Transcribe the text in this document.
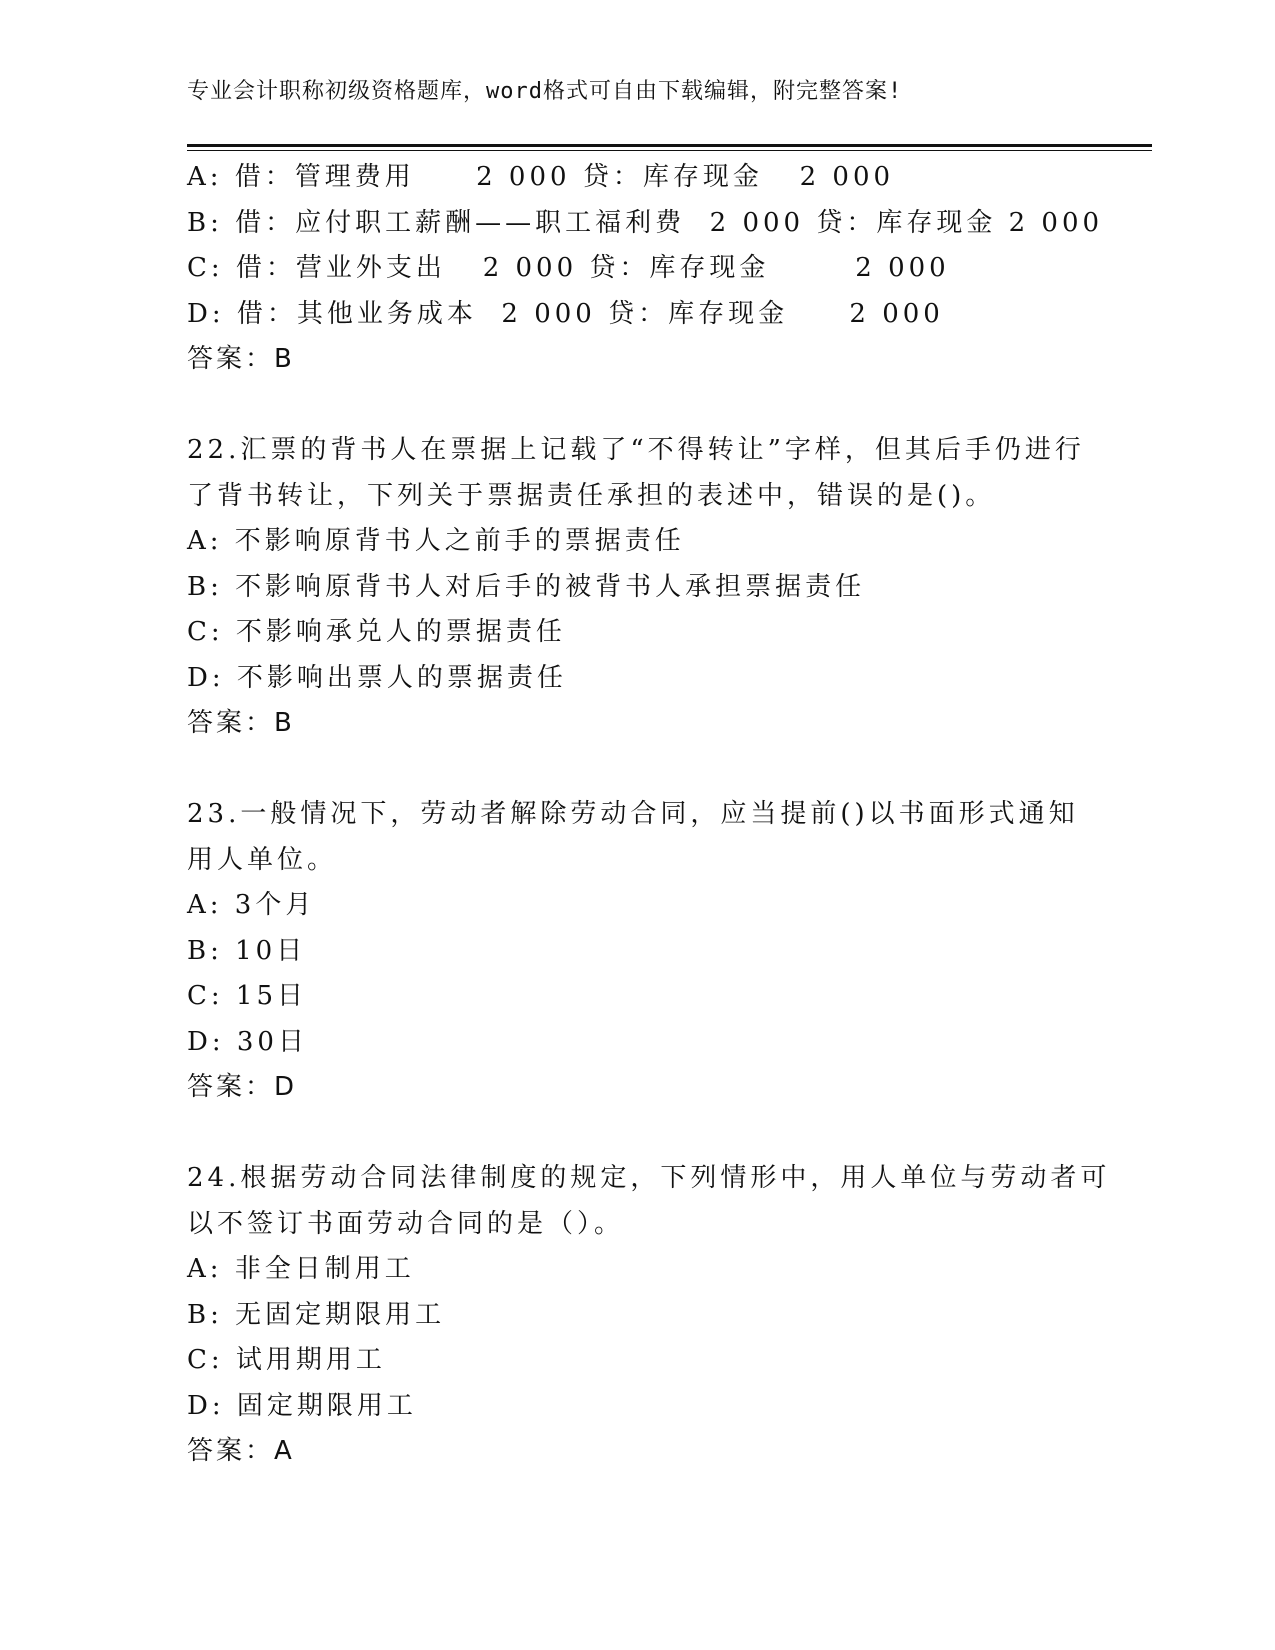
专业会计职称初级资格题库，word格式可自由下载编辑，附完整答案!
A: 借：管理费用     2 000 贷：库存现金   2 000
B: 借：应付职工薪酬——职工福利费  2 000 贷：库存现金 2 000
C: 借：营业外支出   2 000 贷：库存现金       2 000
D: 借：其他业务成本  2 000 贷：库存现金     2 000
答案：B
22.汇票的背书人在票据上记载了“不得转让”字样，但其后手仍进行
了背书转让，下列关于票据责任承担的表述中，错误的是()。
A: 不影响原背书人之前手的票据责任
B: 不影响原背书人对后手的被背书人承担票据责任
C: 不影响承兑人的票据责任
D: 不影响出票人的票据责任
答案：B
23.一般情况下，劳动者解除劳动合同，应当提前()以书面形式通知
用人单位。
A: 3个月
B: 10日
C: 15日
D: 30日
答案：D
24.根据劳动合同法律制度的规定，下列情形中，用人单位与劳动者可
以不签订书面劳动合同的是（）。
A: 非全日制用工
B: 无固定期限用工
C: 试用期用工
D: 固定期限用工
答案：A
